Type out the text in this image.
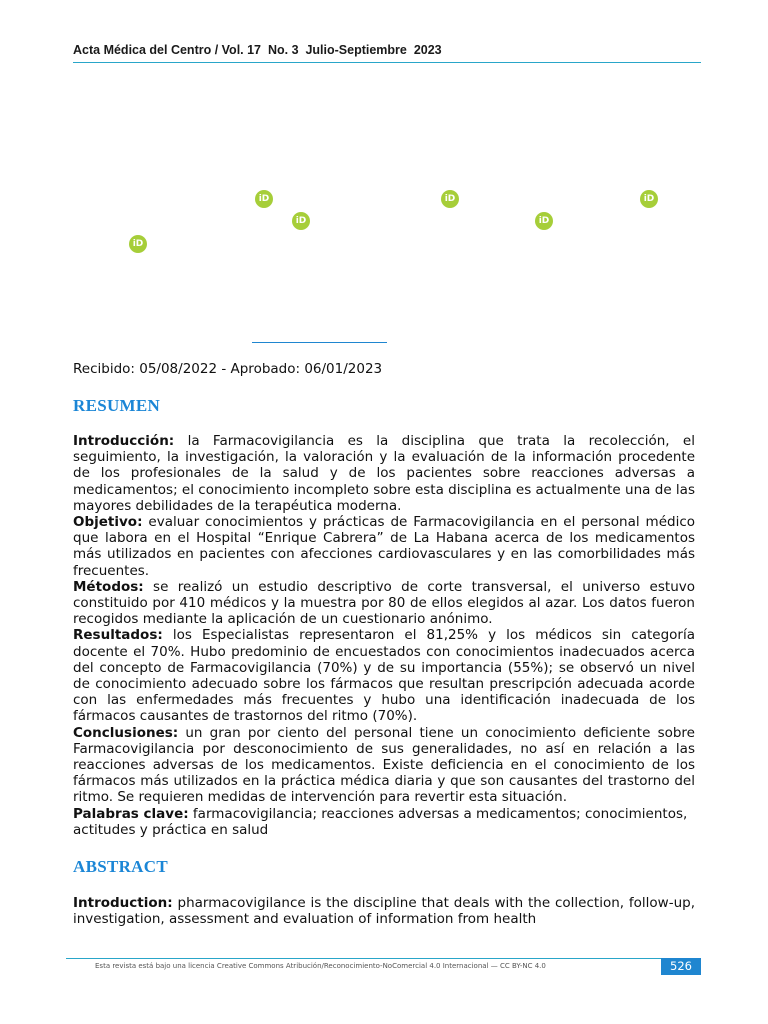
Acta Médica del Centro / Vol. 17  No. 3  Julio-Septiembre  2023
iD	iD	iD
iD	iD
iD
Recibido: 05/08/2022 - Aprobado: 06/01/2023
RESUMEN

Introducción: la Farmacovigilancia es la disciplina que trata la recolección, el seguimiento, la investigación, la valoración y la evaluación de la información procedente de los profesionales de la salud y de los pacientes sobre reacciones adversas a medicamentos; el conocimiento incompleto sobre esta disciplina es actualmente una de las mayores debilidades de la terapéutica moderna.

Objetivo: evaluar conocimientos y prácticas de Farmacovigilancia en el personal médico que labora en el Hospital “Enrique Cabrera” de La Habana acerca de los medicamentos más utilizados en pacientes con afecciones cardiovasculares y en las comorbilidades más frecuentes.

Métodos: se realizó un estudio descriptivo de corte transversal, el universo estuvo constituido por 410 médicos y la muestra por 80 de ellos elegidos al azar. Los datos fueron recogidos mediante la aplicación de un cuestionario anónimo.

Resultados: los Especialistas representaron el 81,25% y los médicos sin categoría docente el 70%. Hubo predominio de encuestados con conocimientos inadecuados acerca del concepto de Farmacovigilancia (70%) y de su importancia (55%); se observó un nivel de conocimiento adecuado sobre los fármacos que resultan prescripción adecuada acorde con las enfermedades más frecuentes y hubo una identificación inadecuada de los fármacos causantes de trastornos del ritmo (70%).

Conclusiones: un gran por ciento del personal tiene un conocimiento deficiente sobre Farmacovigilancia por desconocimiento de sus generalidades, no así en relación a las reacciones adversas de los medicamentos. Existe deficiencia en el conocimiento de los fármacos más utilizados en la práctica médica diaria y que son causantes del trastorno del ritmo. Se requieren medidas de intervención para revertir esta situación.

Palabras clave: farmacovigilancia; reacciones adversas a medicamentos; conocimientos, actitudes y práctica en salud

ABSTRACT

Introduction: pharmacovigilance is the discipline that deals with the collection, follow-up, investigation, assessment and evaluation of information from health

Esta revista está bajo una licencia Creative Commons Atribución/Reconocimiento-NoComercial 4.0 Internacional — CC BY-NC 4.0	526
